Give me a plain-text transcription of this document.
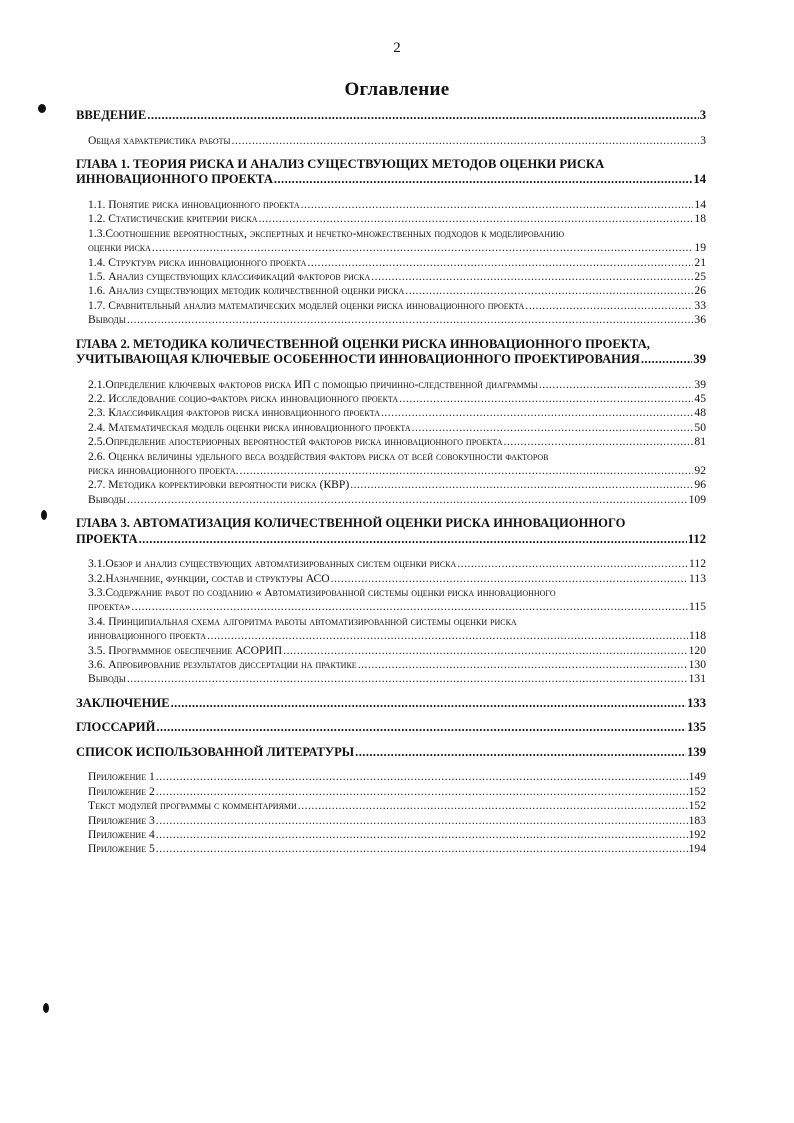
2
Оглавление
ВВЕДЕНИЕ .....	3
Общая характеристика работы .....	3
ГЛАВА 1. ТЕОРИЯ РИСКА И АНАЛИЗ СУЩЕСТВУЮЩИХ МЕТОДОВ ОЦЕНКИ РИСКА
ИННОВАЦИОННОГО ПРОЕКТА .....	14
1.1. Понятие риска инновационного проекта .....	14
1.2. Статистические критерии риска .....	18
1.3.Соотношение вероятностных, экспертных и нечетко-множественных подходов к моделированию
оценки риска .....	19
1.4. Структура риска инновационного проекта .....	21
1.5. Анализ существующих классификаций факторов риска .....	25
1.6. Анализ существующих методик количественной оценки риска .....	26
1.7. Сравнительный анализ математических моделей оценки риска инновационного проекта .....	33
Выводы .....	36
ГЛАВА 2. МЕТОДИКА КОЛИЧЕСТВЕННОЙ ОЦЕНКИ РИСКА ИННОВАЦИОННОГО ПРОЕКТА,
УЧИТЫВАЮЩАЯ КЛЮЧЕВЫЕ ОСОБЕННОСТИ ИННОВАЦИОННОГО ПРОЕКТИРОВАНИЯ .....	39
2.1.Определение ключевых факторов риска ИП с помощью причинно-следственной диаграммы .....	39
2.2. Исследование социо-фактора риска инновационного проекта .....	45
2.3. Классификация факторов риска инновационного проекта .....	48
2.4. Математическая модель оценки риска инновационного проекта .....	50
2.5.Определение апостериорных вероятностей факторов риска инновационного проекта .....	81
2.6. Оценка величины удельного веса воздействия фактора риска от всей совокупности факторов
риска инновационного проекта. .....	92
2.7. Методика корректировки вероятности риска (КВР) .....	96
Выводы .....	109
ГЛАВА 3. АВТОМАТИЗАЦИЯ КОЛИЧЕСТВЕННОЙ ОЦЕНКИ РИСКА ИННОВАЦИОННОГО
ПРОЕКТА .....	112
3.1.Обзор и анализ существующих автоматизированных систем оценки риска .....	112
3.2.Назначение, функции, состав и структуры АСО .....	113
3.3.Содержание работ по созданию « Автоматизированной системы оценки риска инновационного
проекта» .....	115
3.4. Принципиальная схема алгоритма работы автоматизированной системы оценки риска
инновационного проекта .....	118
3.5. Программное обеспечение АСОРИП .....	120
3.6. Апробирование результатов диссертации на практике .....	130
Выводы .....	131
ЗАКЛЮЧЕНИЕ .....	133
ГЛОССАРИЙ .....	135
СПИСОК ИСПОЛЬЗОВАННОЙ ЛИТЕРАТУРЫ .....	139
Приложение 1 .....	149
Приложение 2 .....	152
Текст модулей программы с комментариями .....	152
Приложение 3 .....	183
Приложение 4 .....	192
Приложение 5 .....	194
